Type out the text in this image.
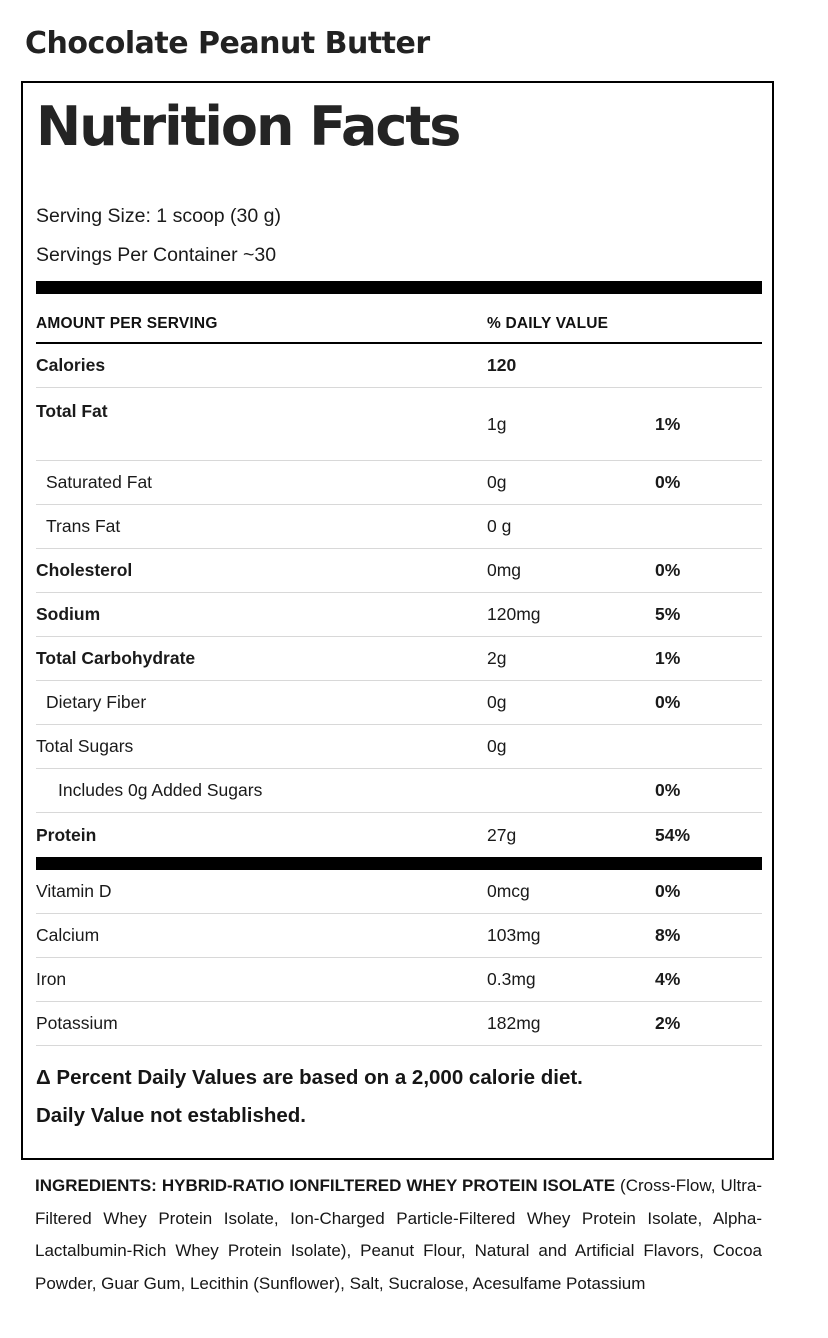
Chocolate Peanut Butter
Nutrition Facts

Serving Size: 1 scoop (30 g)

Servings Per Container ~30

AMOUNT PER SERVING	% DAILY VALUE
Calories	120
Total Fat
1g	1%
Saturated Fat	0g	0%
Trans Fat	0 g
Cholesterol	0mg	0%
Sodium	120mg	5%
Total Carbohydrate	2g	1%
Dietary Fiber	0g	0%
Total Sugars	0g
Includes 0g Added Sugars	0%
Protein	27g	54%
Vitamin D	0mcg	0%
Calcium	103mg	8%
Iron	0.3mg	4%
Potassium	182mg	2%

Δ Percent Daily Values are based on a 2,000 calorie diet.

Daily Value not established.

INGREDIENTS: HYBRID-RATIO IONFILTERED WHEY PROTEIN ISOLATE (Cross-Flow, Ultra-Filtered Whey Protein Isolate, Ion-Charged Particle-Filtered Whey Protein Isolate, Alpha-Lactalbumin-Rich Whey Protein Isolate), Peanut Flour, Natural and Artificial Flavors, Cocoa Powder, Guar Gum, Lecithin (Sunflower), Salt, Sucralose, Acesulfame Potassium
